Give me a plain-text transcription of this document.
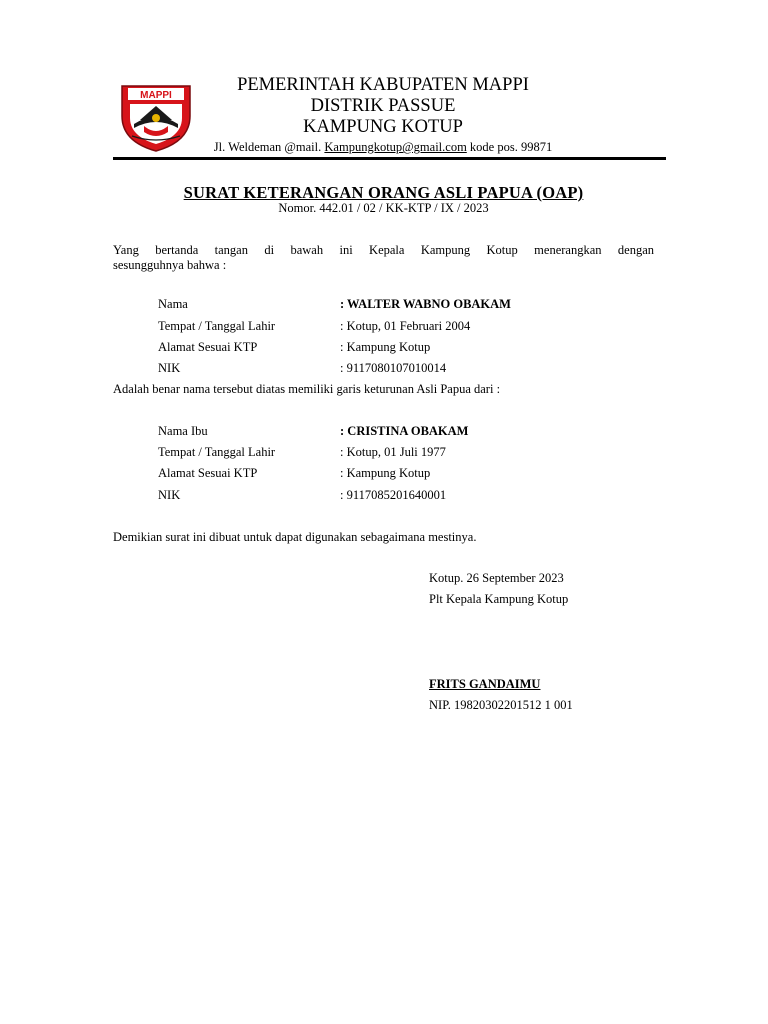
MAPPI
PEMERINTAH KABUPATEN MAPPI
DISTRIK PASSUE
KAMPUNG KOTUP
Jl. Weldeman @mail. Kampungkotup@gmail.com kode pos. 99871
SURAT KETERANGAN ORANG ASLI PAPUA (OAP)
Nomor. 442.01 / 02 / KK-KTP / IX / 2023
Yang bertanda tangan di bawah ini Kepala Kampung Kotup menerangkan dengan
sesungguhnya bahwa :
Nama	: WALTER WABNO OBAKAM
Tempat / Tanggal Lahir	: Kotup, 01 Februari 2004
Alamat Sesuai KTP	: Kampung Kotup
NIK	: 9117080107010014
Adalah benar nama tersebut diatas memiliki garis keturunan Asli Papua dari :
Nama Ibu	: CRISTINA OBAKAM
Tempat / Tanggal Lahir	: Kotup, 01 Juli 1977
Alamat Sesuai KTP	: Kampung Kotup
NIK	: 9117085201640001
Demikian surat ini dibuat untuk dapat digunakan sebagaimana mestinya.
Kotup. 26 September 2023
Plt Kepala Kampung Kotup
FRITS GANDAIMU
NIP. 19820302201512 1 001
